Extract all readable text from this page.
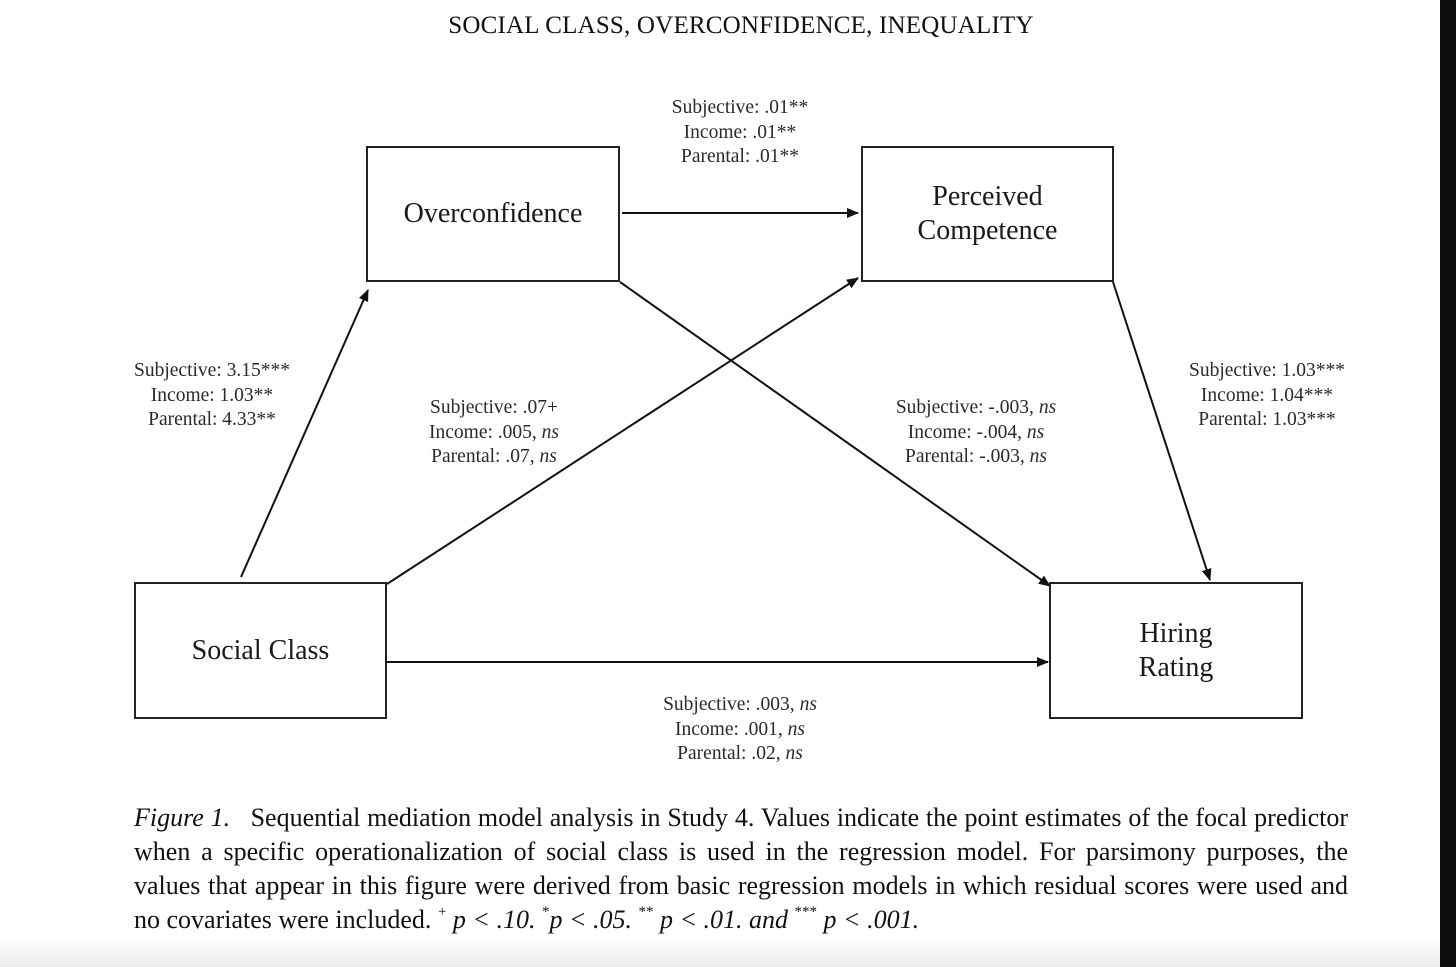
SOCIAL CLASS, OVERCONFIDENCE, INEQUALITY
Overconfidence
Perceived Competence
Social Class
Hiring Rating
Subjective: .01**
Income: .01**
Parental: .01**
Subjective: 3.15***
Income: 1.03**
Parental: 4.33**
Subjective: .07+
Income: .005, ns
Parental: .07, ns
Subjective: -.003, ns
Income: -.004, ns
Parental: -.003, ns
Subjective: 1.03***
Income: 1.04***
Parental: 1.03***
Subjective: .003, ns
Income: .001, ns
Parental: .02, ns
Figure 1. Sequential mediation model analysis in Study 4. Values indicate the point estimates of the focal predictor when a specific operationalization of social class is used in the regression model. For parsimony purposes, the values that appear in this figure were derived from basic regression models in which residual scores were used and no covariates were included. + p < .10. *p < .05. ** p < .01. and *** p < .001.
